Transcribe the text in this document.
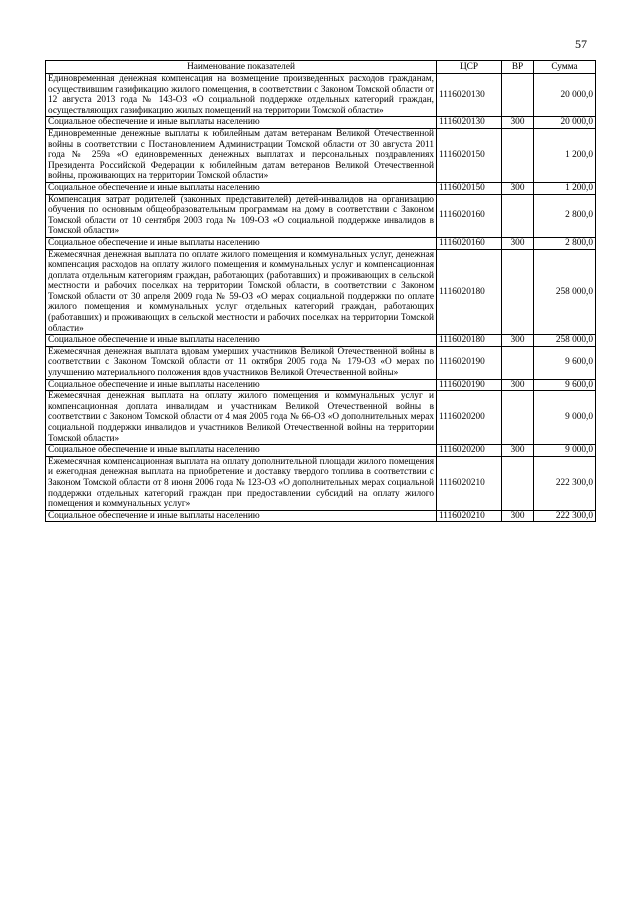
57
Наименование показателей	ЦСР	ВР	Сумма
Единовременная денежная компенсация на возмещение произведенных расходов гражданам, осуществившим газификацию жилого помещения, в соответствии с Законом Томской области от 12 августа 2013 года № 143-ОЗ «О социальной поддержке отдельных категорий граждан, осуществляющих газификацию жилых помещений на территории Томской области»	1116020130		20 000,0
Социальное обеспечение и иные выплаты населению	1116020130	300	20 000,0
Единовременные денежные выплаты к юбилейным датам ветеранам Великой Отечественной войны в соответствии с Постановлением Администрации Томской области от 30 августа 2011 года № 259а «О единовременных денежных выплатах и персональных поздравлениях Президента Российской Федерации к юбилейным датам ветеранов Великой Отечественной войны, проживающих на территории Томской области»	1116020150		1 200,0
Социальное обеспечение и иные выплаты населению	1116020150	300	1 200,0
Компенсация затрат родителей (законных представителей) детей-инвалидов на организацию обучения по основным общеобразовательным программам на дому в соответствии с Законом Томской области от 10 сентября 2003 года № 109-ОЗ «О социальной поддержке инвалидов в Томской области»	1116020160		2 800,0
Социальное обеспечение и иные выплаты населению	1116020160	300	2 800,0
Ежемесячная денежная выплата по оплате жилого помещения и коммунальных услуг, денежная компенсация расходов на оплату жилого помещения и коммунальных услуг и компенсационная доплата отдельным категориям граждан, работающих (работавших) и проживающих в сельской местности и рабочих поселках на территории Томской области, в соответствии с Законом Томской области от 30 апреля 2009 года № 59-ОЗ «О мерах социальной поддержки по оплате жилого помещения и коммунальных услуг отдельных категорий граждан, работающих (работавших) и проживающих в сельской местности и рабочих поселках на территории Томской области»	1116020180		258 000,0
Социальное обеспечение и иные выплаты населению	1116020180	300	258 000,0
Ежемесячная денежная выплата вдовам умерших участников Великой Отечественной войны в соответствии с Законом Томской области от 11 октября 2005 года № 179-ОЗ «О мерах по улучшению материального положения вдов участников Великой Отечественной войны»	1116020190		9 600,0
Социальное обеспечение и иные выплаты населению	1116020190	300	9 600,0
Ежемесячная денежная выплата на оплату жилого помещения и коммунальных услуг и компенсационная доплата инвалидам и участникам Великой Отечественной войны в соответствии с Законом Томской области от 4 мая 2005 года № 66-ОЗ «О дополнительных мерах социальной поддержки инвалидов и участников Великой Отечественной войны на территории Томской области»	1116020200		9 000,0
Социальное обеспечение и иные выплаты населению	1116020200	300	9 000,0
Ежемесячная компенсационная выплата на оплату дополнительной площади жилого помещения и ежегодная денежная выплата на приобретение и доставку твердого топлива в соответствии с Законом Томской области от 8 июня 2006 года № 123-ОЗ «О дополнительных мерах социальной поддержки отдельных категорий граждан при предоставлении субсидий на оплату жилого помещения и коммунальных услуг»	1116020210		222 300,0
Социальное обеспечение и иные выплаты населению	1116020210	300	222 300,0
